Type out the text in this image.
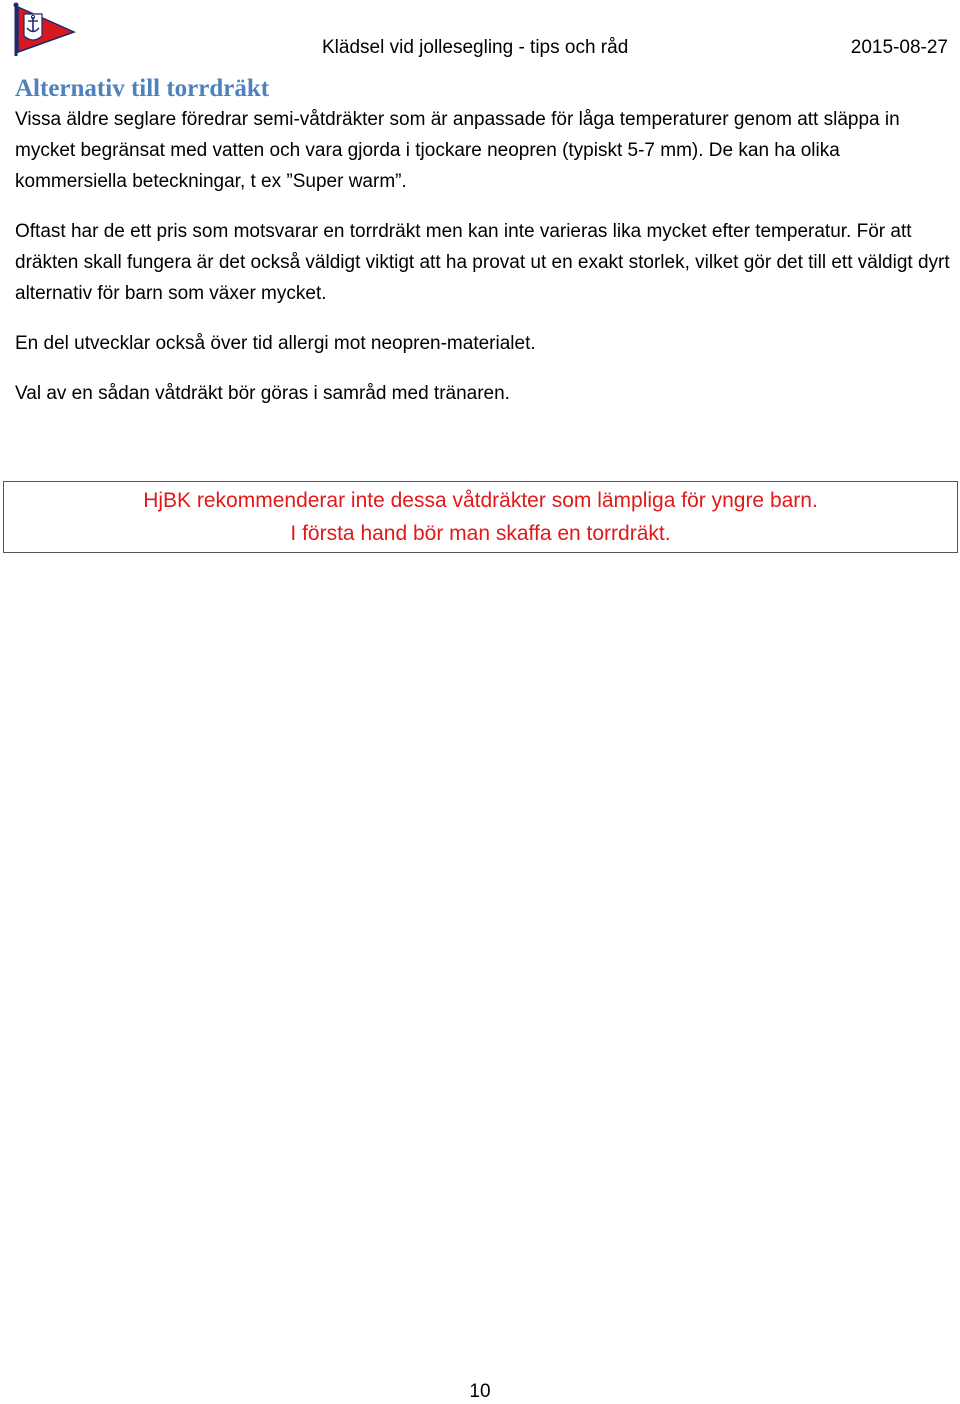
Klädsel vid jollesegling - tips och råd	2015-08-27
Alternativ till torrdräkt

Vissa äldre seglare föredrar semi-våtdräkter som är anpassade för låga temperaturer genom att släppa in mycket begränsat med vatten och vara gjorda i tjockare neopren (typiskt 5-7 mm). De kan ha olika kommersiella beteckningar, t ex ”Super warm”.

Oftast har de ett pris som motsvarar en torrdräkt men kan inte varieras lika mycket efter temperatur. För att dräkten skall fungera är det också väldigt viktigt att ha provat ut en exakt storlek, vilket gör det till ett väldigt dyrt alternativ för barn som växer mycket.

En del utvecklar också över tid allergi mot neopren-materialet.

Val av en sådan våtdräkt bör göras i samråd med tränaren.

HjBK rekommenderar inte dessa våtdräkter som lämpliga för yngre barn.
I första hand bör man skaffa en torrdräkt.
10
